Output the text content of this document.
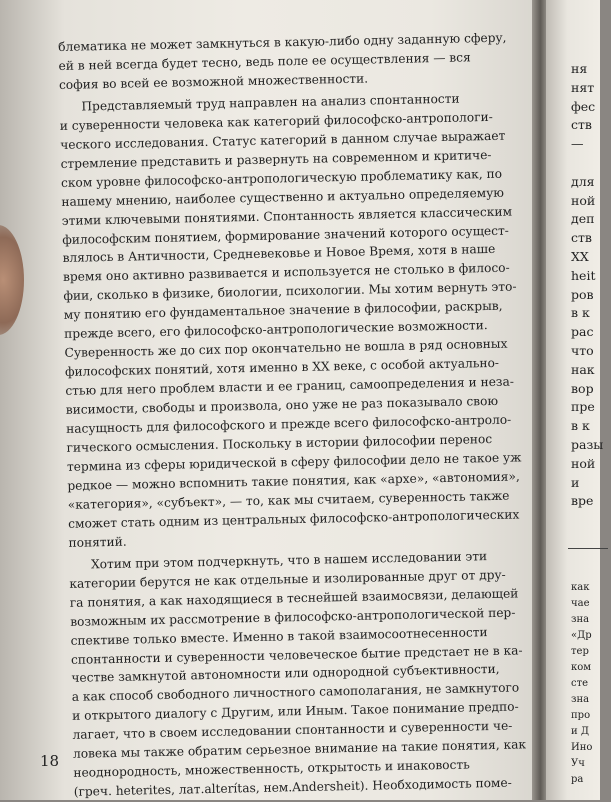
блематика не может замкнуться в какую-либо одну заданную сферу,
ей в ней всегда будет тесно, ведь поле ее осуществления — вся
софия во всей ее возможной множественности.
Представляемый труд направлен на анализ спонтанности
и суверенности человека как категорий философско-антропологи-
ческого исследования. Статус категорий в данном случае выражает
стремление представить и развернуть на современном и критиче-
ском уровне философско-антропологическую проблематику как, по
нашему мнению, наиболее существенно и актуально определяемую
этими ключевыми понятиями. Спонтанность является классическим
философским понятием, формирование значений которого осущест-
влялось в Античности, Средневековье и Новое Время, хотя в наше
время оно активно развивается и используется не столько в филосо-
фии, сколько в физике, биологии, психологии. Мы хотим вернуть это-
му понятию его фундаментальное значение в философии, раскрыв,
прежде всего, его философско-антропологические возможности.
Суверенность же до сих пор окончательно не вошла в ряд основных
философских понятий, хотя именно в XX веке, с особой актуально-
стью для него проблем власти и ее границ, самоопределения и неза-
висимости, свободы и произвола, оно уже не раз показывало свою
насущность для философского и прежде всего философско-антроло-
гического осмысления. Поскольку в истории философии перенос
термина из сферы юридической в сферу философии дело не такое уж
редкое — можно вспомнить такие понятия, как «архе», «автономия»,
«категория», «субъект», — то, как мы считаем, суверенность также
сможет стать одним из центральных философско-антропологических
понятий.
Хотим при этом подчеркнуть, что в нашем исследовании эти
категории берутся не как отдельные и изолированные друг от дру-
га понятия, а как находящиеся в теснейшей взаимосвязи, делающей
возможным их рассмотрение в философско-антропологической пер-
спективе только вместе. Именно в такой взаимосоотнесенности
спонтанности и суверенности человеческое бытие предстает не в ка-
честве замкнутой автономности или однородной субъективности,
а как способ свободного личностного самополагания, не замкнутого
и открытого диалогу с Другим, или Иным. Такое понимание предпо-
лагает, что в своем исследовании спонтанности и суверенности че-
ловека мы также обратим серьезное внимание на такие понятия, как
неоднородность, множественность, открытость и инаковость
(греч. heterites, лат.alterítas, нем.Andersheit). Необходимость поме-
18
ня
нят
фес
ств
—
для
ной
деп
ств
XX
heit
ров
в к
рас
что
нак
вор
пре
в к
разы
ной
и
вре
как
чае
зна
«Др
тер
ком
сте
зна
про
и Д
Ино
Уч
ра
